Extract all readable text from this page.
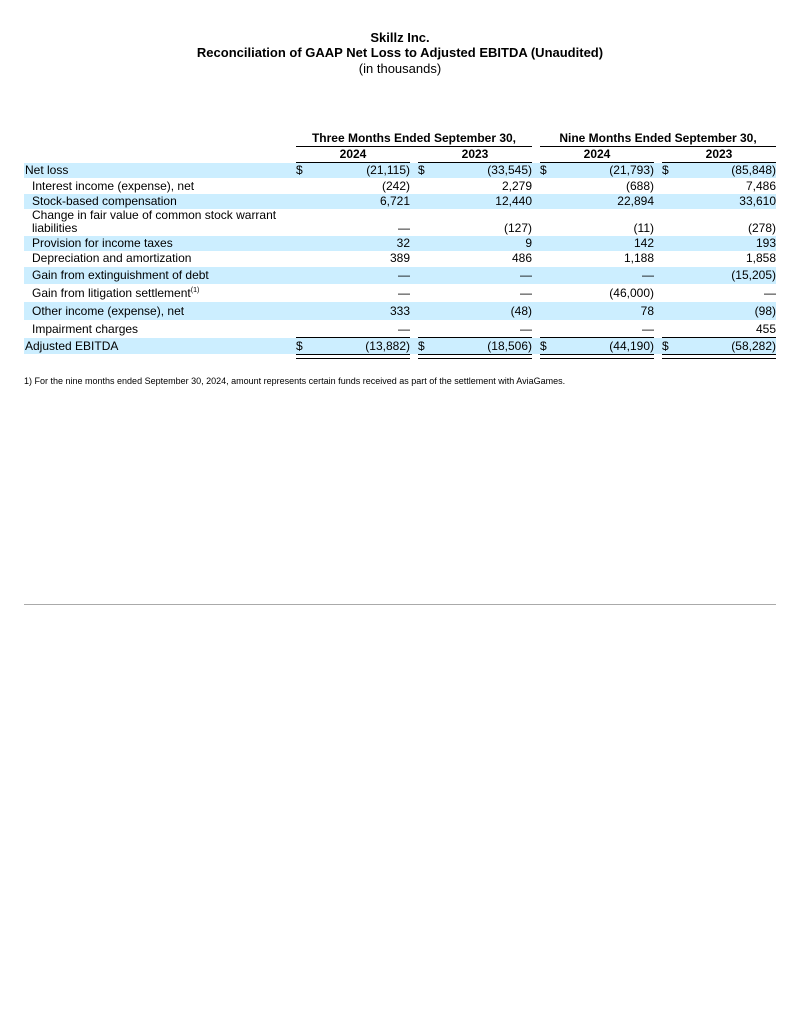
Skillz Inc.
Reconciliation of GAAP Net Loss to Adjusted EBITDA (Unaudited)
(in thousands)
Three Months Ended September 30,	Nine Months Ended September 30,
2024	2023	2024	2023
Net loss	$	(21,115) $	(33,545) $	(21,793) $	(85,848)
Interest income (expense), net	(242)	2,279	(688)	7,486
Stock-based compensation	6,721	12,440	22,894	33,610
Change in fair value of common stock warrant
liabilities	—	(127)	(11)	(278)
Provision for income taxes	32	9	142	193
Depreciation and amortization	389	486	1,188	1,858
Gain from extinguishment of debt	—	—	—	(15,205)
Gain from litigation settlement$^{(1)}$	—	—	(46,000)	—
Other income (expense), net	333	(48)	78	(98)
Impairment charges	—	—	—	455
Adjusted EBITDA	$	(13,882) $	(18,506) $	(44,190) $	(58,282)
1) For the nine months ended September 30, 2024, amount represents certain funds received as part of the settlement with AviaGames.
